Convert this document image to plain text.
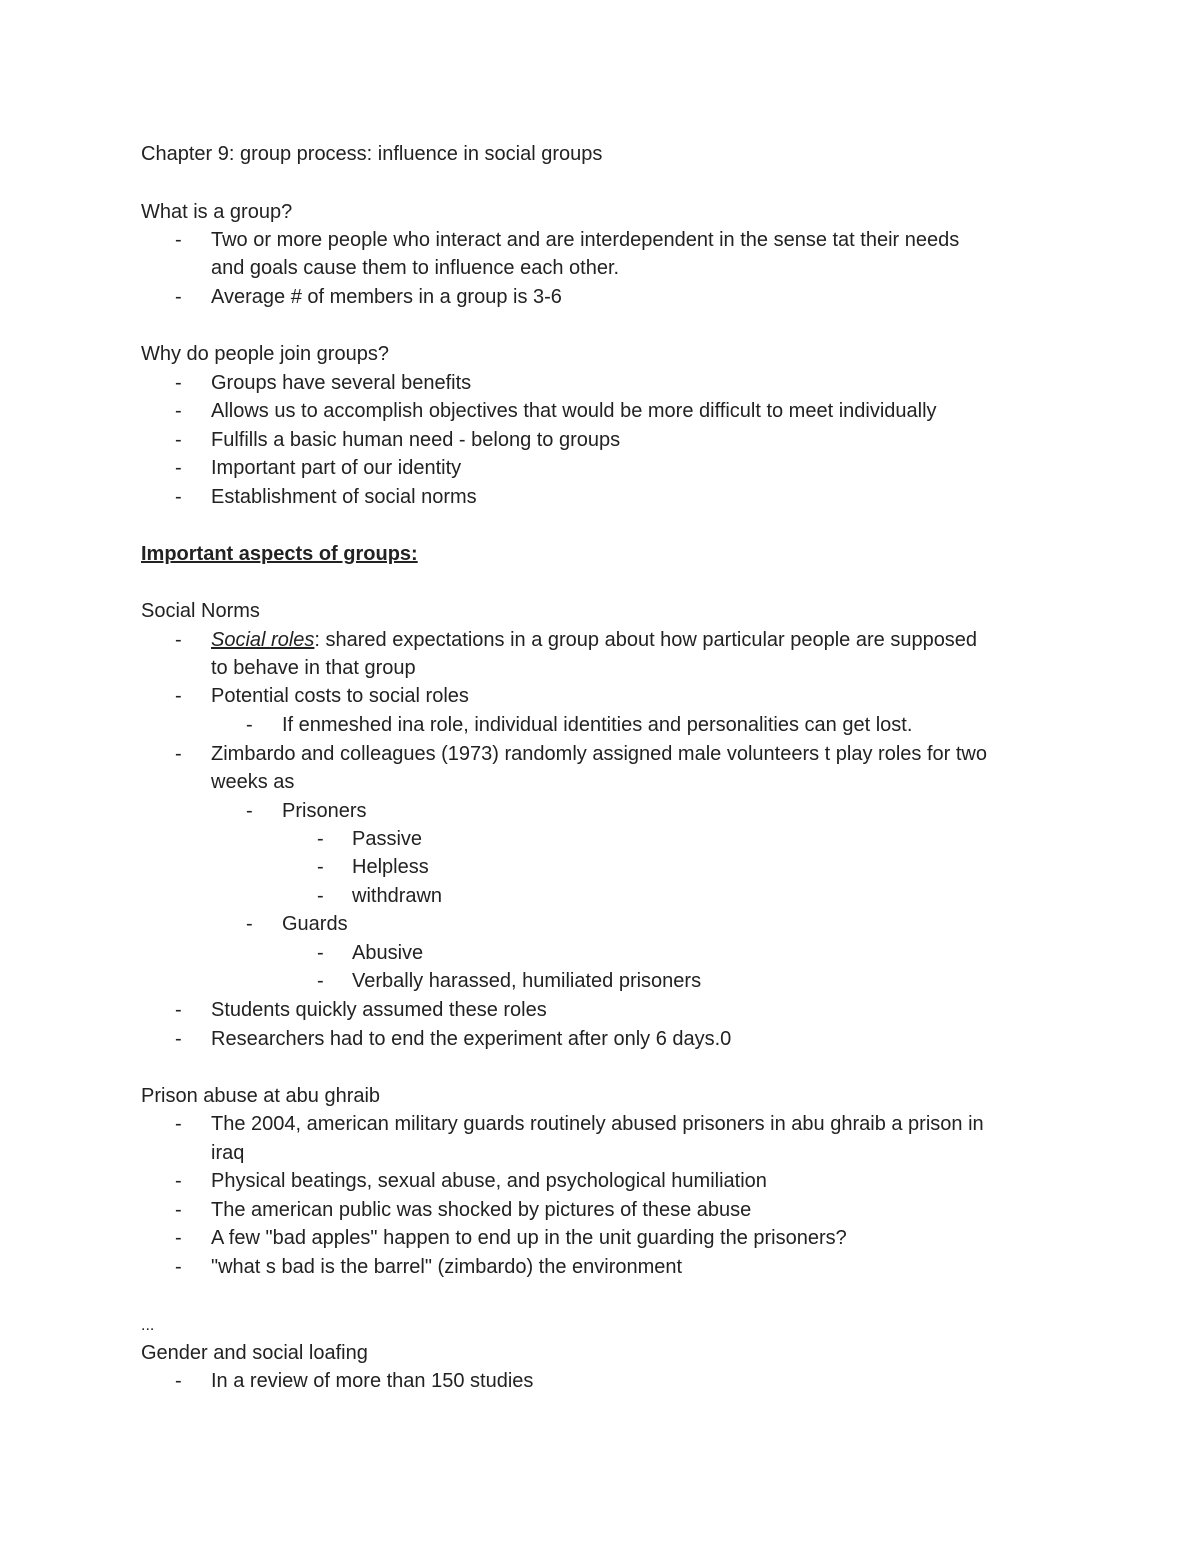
Chapter 9: group process: influence in social groups
What is a group?
- Two or more people who interact and are interdependent in the sense tat their needs
and goals cause them to influence each other.
- Average # of members in a group is 3-6
Why do people join groups?
- Groups have several benefits
- Allows us to accomplish objectives that would be more difficult to meet individually
- Fulfills a basic human need - belong to groups
- Important part of our identity
- Establishment of social norms
Important aspects of groups:
Social Norms
- Social roles: shared expectations in a group about how particular people are supposed
to behave in that group
- Potential costs to social roles
- If enmeshed ina role, individual identities and personalities can get lost.
- Zimbardo and colleagues (1973) randomly assigned male volunteers t play roles for two
weeks as
- Prisoners
- Passive
- Helpless
- withdrawn
- Guards
- Abusive
- Verbally harassed, humiliated prisoners
- Students quickly assumed these roles
- Researchers had to end the experiment after only 6 days.0
Prison abuse at abu ghraib
- The 2004, american military guards routinely abused prisoners in abu ghraib a prison in
iraq
- Physical beatings, sexual abuse, and psychological humiliation
- The american public was shocked by pictures of these abuse
- A few "bad apples" happen to end up in the unit guarding the prisoners?
- "what s bad is the barrel" (zimbardo) the environment
...
Gender and social loafing
- In a review of more than 150 studies
